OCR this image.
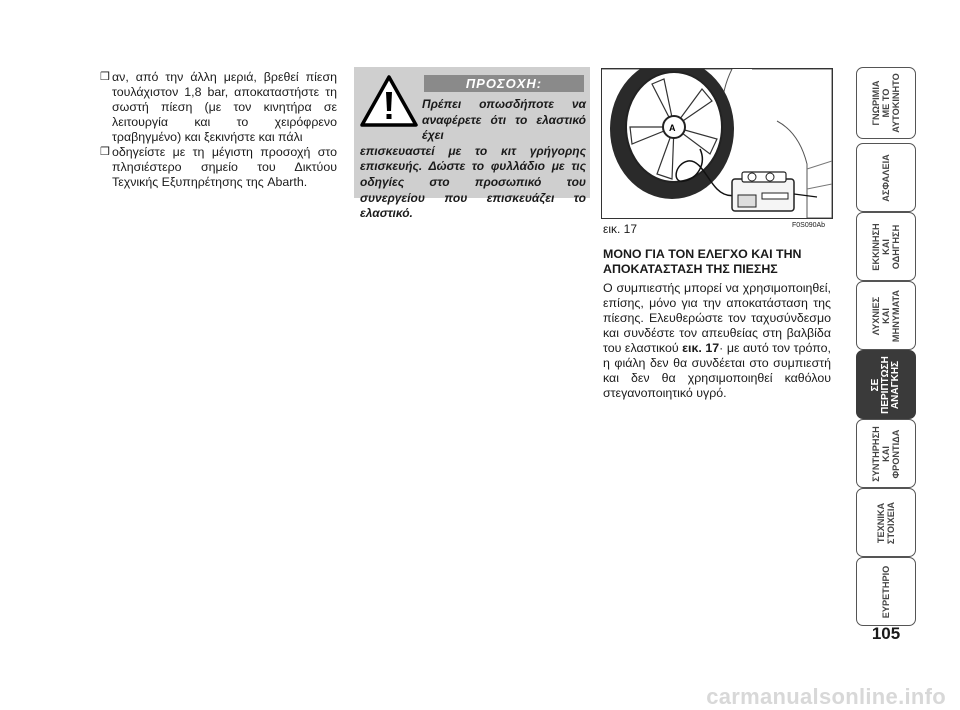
❒ αν, από την άλλη μεριά, βρεθεί πίεση τουλάχιστον 1,8 bar, αποκαταστήστε τη σωστή πίεση (με τον κινητήρα σε λειτουργία και το χειρόφρενο τραβηγμένο) και ξεκινήστε και πάλι
❒ οδηγείστε με τη μέγιστη προσοχή στο πλησιέστερο σημείο του Δικτύου Τεχνικής Εξυπηρέτησης της Abarth.
ΠΡΟΣΟΧΗ:
Πρέπει οπωσδήποτε να αναφέρετε ότι το ελαστικό έχει
επισκευαστεί με το κιτ γρήγορης επισκευής. Δώστε το φυλλάδιο με τις οδηγίες στο προσωπικό του συνεργείου που επισκευάζει το ελαστικό.
A
εικ. 17	F0S090Ab
ΜΟΝΟ ΓΙΑ ΤΟΝ ΕΛΕΓΧΟ ΚΑΙ ΤΗΝ ΑΠΟΚΑΤΑΣΤΑΣΗ ΤΗΣ ΠΙΕΣΗΣ

Ο συμπιεστής μπορεί να χρησιμοποιηθεί, επίσης, μόνο για την αποκατάσταση της πίεσης. Ελευθερώστε τον ταχυσύνδεσμο και συνδέστε τον απευθείας στη βαλβίδα του ελαστικού εικ. 17· με αυτό τον τρόπο, η φιάλη δεν θα συνδέεται στο συμπιεστή και δεν θα χρησιμοποιηθεί καθόλου στεγανοποιητικό υγρό.

ΓΝΩΡΙΜΙΑ
ΜΕ ΤΟ
ΑΥΤΟΚΙΝΗΤΟ
ΑΣΦΑΛΕΙΑ
ΕΚΚΙΝΗΣΗ
ΚΑΙ
ΟΔΗΓΗΣΗ
ΛΥΧΝΙΕΣ
ΚΑΙ
ΜΗΝΥΜΑΤΑ
ΣΕ
ΠΕΡΙΠΤΩΣΗ
ΑΝΑΓΚΗΣ
ΣΥΝΤΗΡΗΣΗ
ΚΑΙ
ΦΡΟΝΤΙΔΑ
ΤΕΧΝΙΚΑ
ΣΤΟΙΧΕΙΑ
ΕΥΡΕΤΗΡΙΟ
105
carmanualsonline.info
